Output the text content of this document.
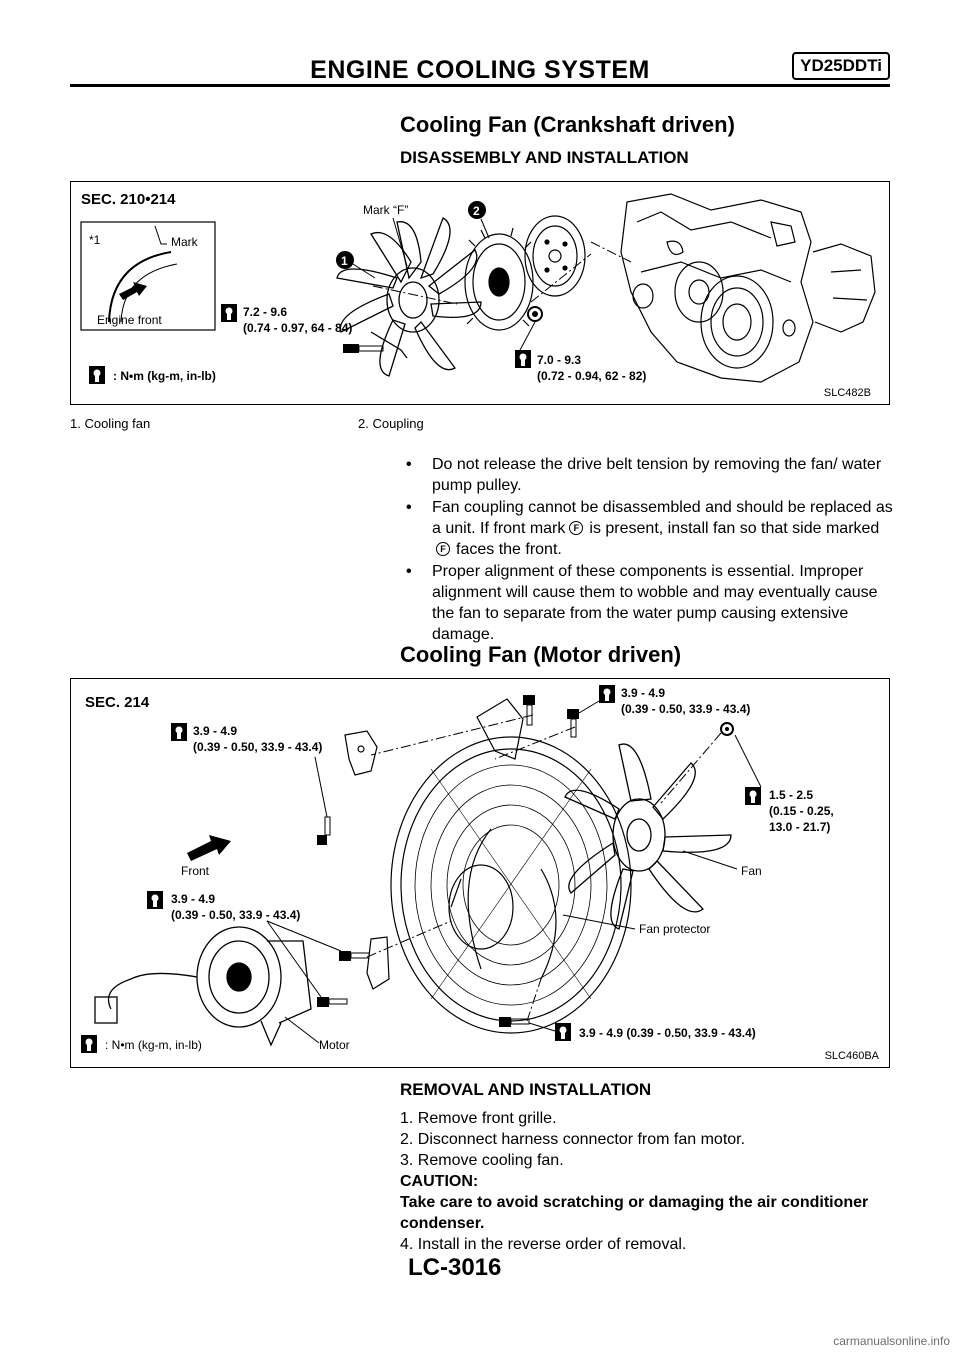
ENGINE COOLING SYSTEM	YD25DDTi
Cooling Fan (Crankshaft driven)
DISASSEMBLY AND INSTALLATION
SEC. 210•214
*1	Mark
Engine front
7.2 - 9.6
(0.74 - 0.97, 64 - 84)
: N•m (kg-m, in-lb)
1
Mark “F”	2
7.0 - 9.3
(0.72 - 0.94, 62 - 82)
SLC482B
1. Cooling fan	2. Coupling
• Do not release the drive belt tension by removing the fan/ water pump pulley.
• Fan coupling cannot be disassembled and should be replaced as a unit. If front mark F is present, install fan so that side markedF faces the front.
• Proper alignment of these components is essential. Improper alignment will cause them to wobble and may eventually cause the fan to separate from the water pump causing extensive damage.
Cooling Fan (Motor driven)
SEC. 214
3.9 - 4.9
(0.39 - 0.50, 33.9 - 43.4)
3.9 - 4.9
(0.39 - 0.50, 33.9 - 43.4)
1.5 - 2.5
(0.15 - 0.25,
13.0 - 21.7)
3.9 - 4.9
(0.39 - 0.50, 33.9 - 43.4)
3.9 - 4.9 (0.39 - 0.50, 33.9 - 43.4)
Front	Fan
Fan protector
Motor
: N•m (kg-m, in-lb)
SLC460BA
REMOVAL AND INSTALLATION
1. Remove front grille.
2. Disconnect harness connector from fan motor.
3. Remove cooling fan.
CAUTION:
Take care to avoid scratching or damaging the air conditioner condenser.
4. Install in the reverse order of removal.
LC-3016
carmanualsonline.info
